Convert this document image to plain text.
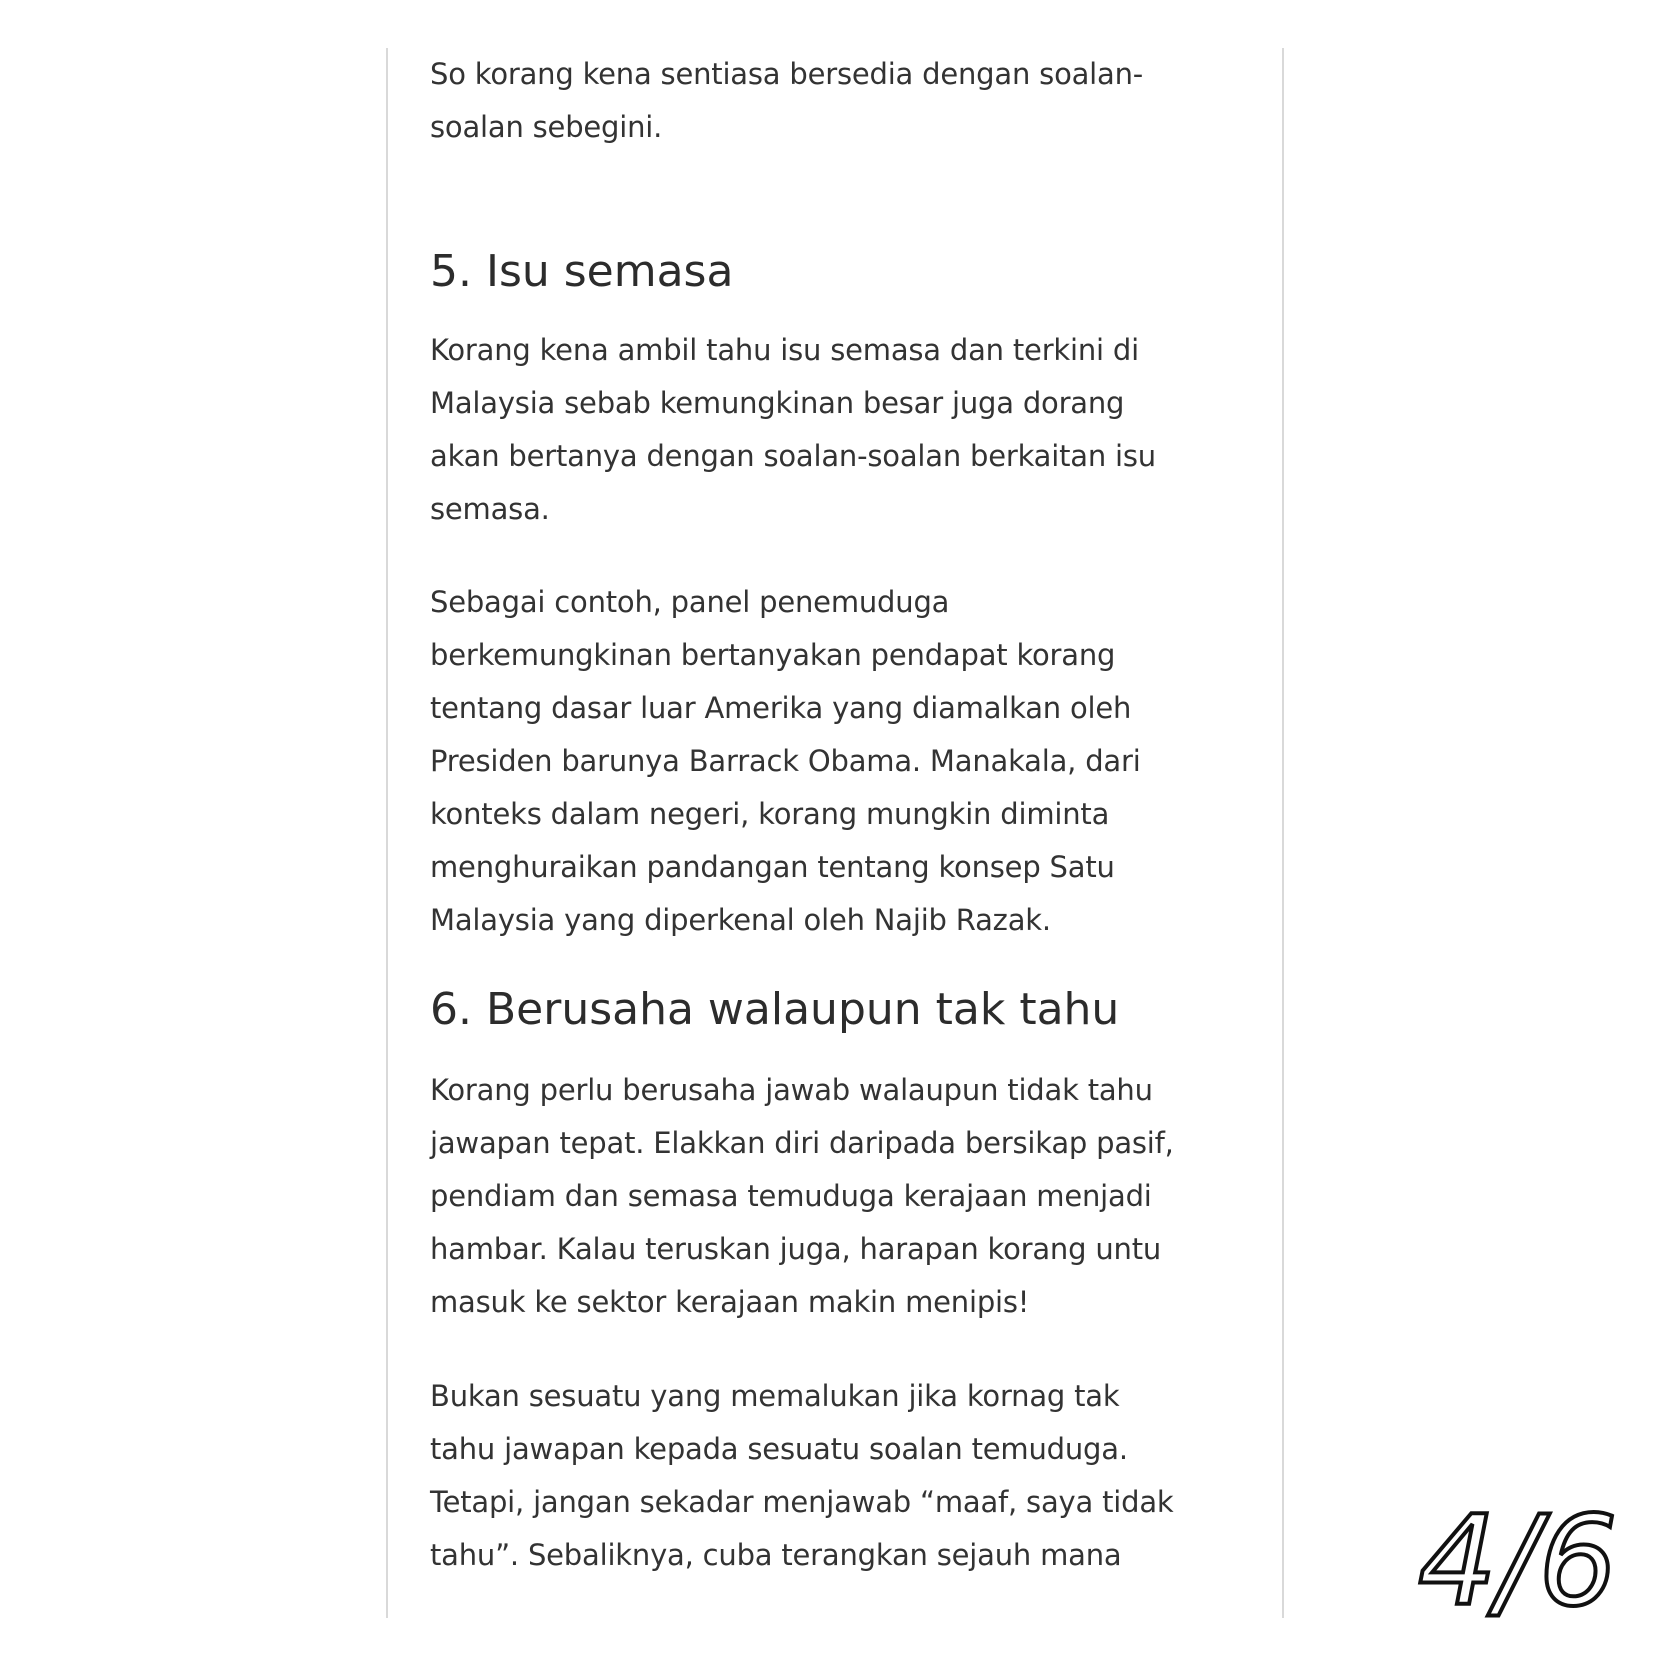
So korang kena sentiasa bersedia dengan soalan-
soalan sebegini.

5. Isu semasa

Korang kena ambil tahu isu semasa dan terkini di
Malaysia sebab kemungkinan besar juga dorang
akan bertanya dengan soalan-soalan berkaitan isu
semasa.

Sebagai contoh, panel penemuduga
berkemungkinan bertanyakan pendapat korang
tentang dasar luar Amerika yang diamalkan oleh
Presiden barunya Barrack Obama. Manakala, dari
konteks dalam negeri, korang mungkin diminta
menghuraikan pandangan tentang konsep Satu
Malaysia yang diperkenal oleh Najib Razak.

6. Berusaha walaupun tak tahu

Korang perlu berusaha jawab walaupun tidak tahu
jawapan tepat. Elakkan diri daripada bersikap pasif,
pendiam dan semasa temuduga kerajaan menjadi
hambar. Kalau teruskan juga, harapan korang untu
masuk ke sektor kerajaan makin menipis!

Bukan sesuatu yang memalukan jika kornag tak
tahu jawapan kepada sesuatu soalan temuduga.
Tetapi, jangan sekadar menjawab “maaf, saya tidak
tahu”. Sebaliknya, cuba terangkan sejauh mana	4/6
